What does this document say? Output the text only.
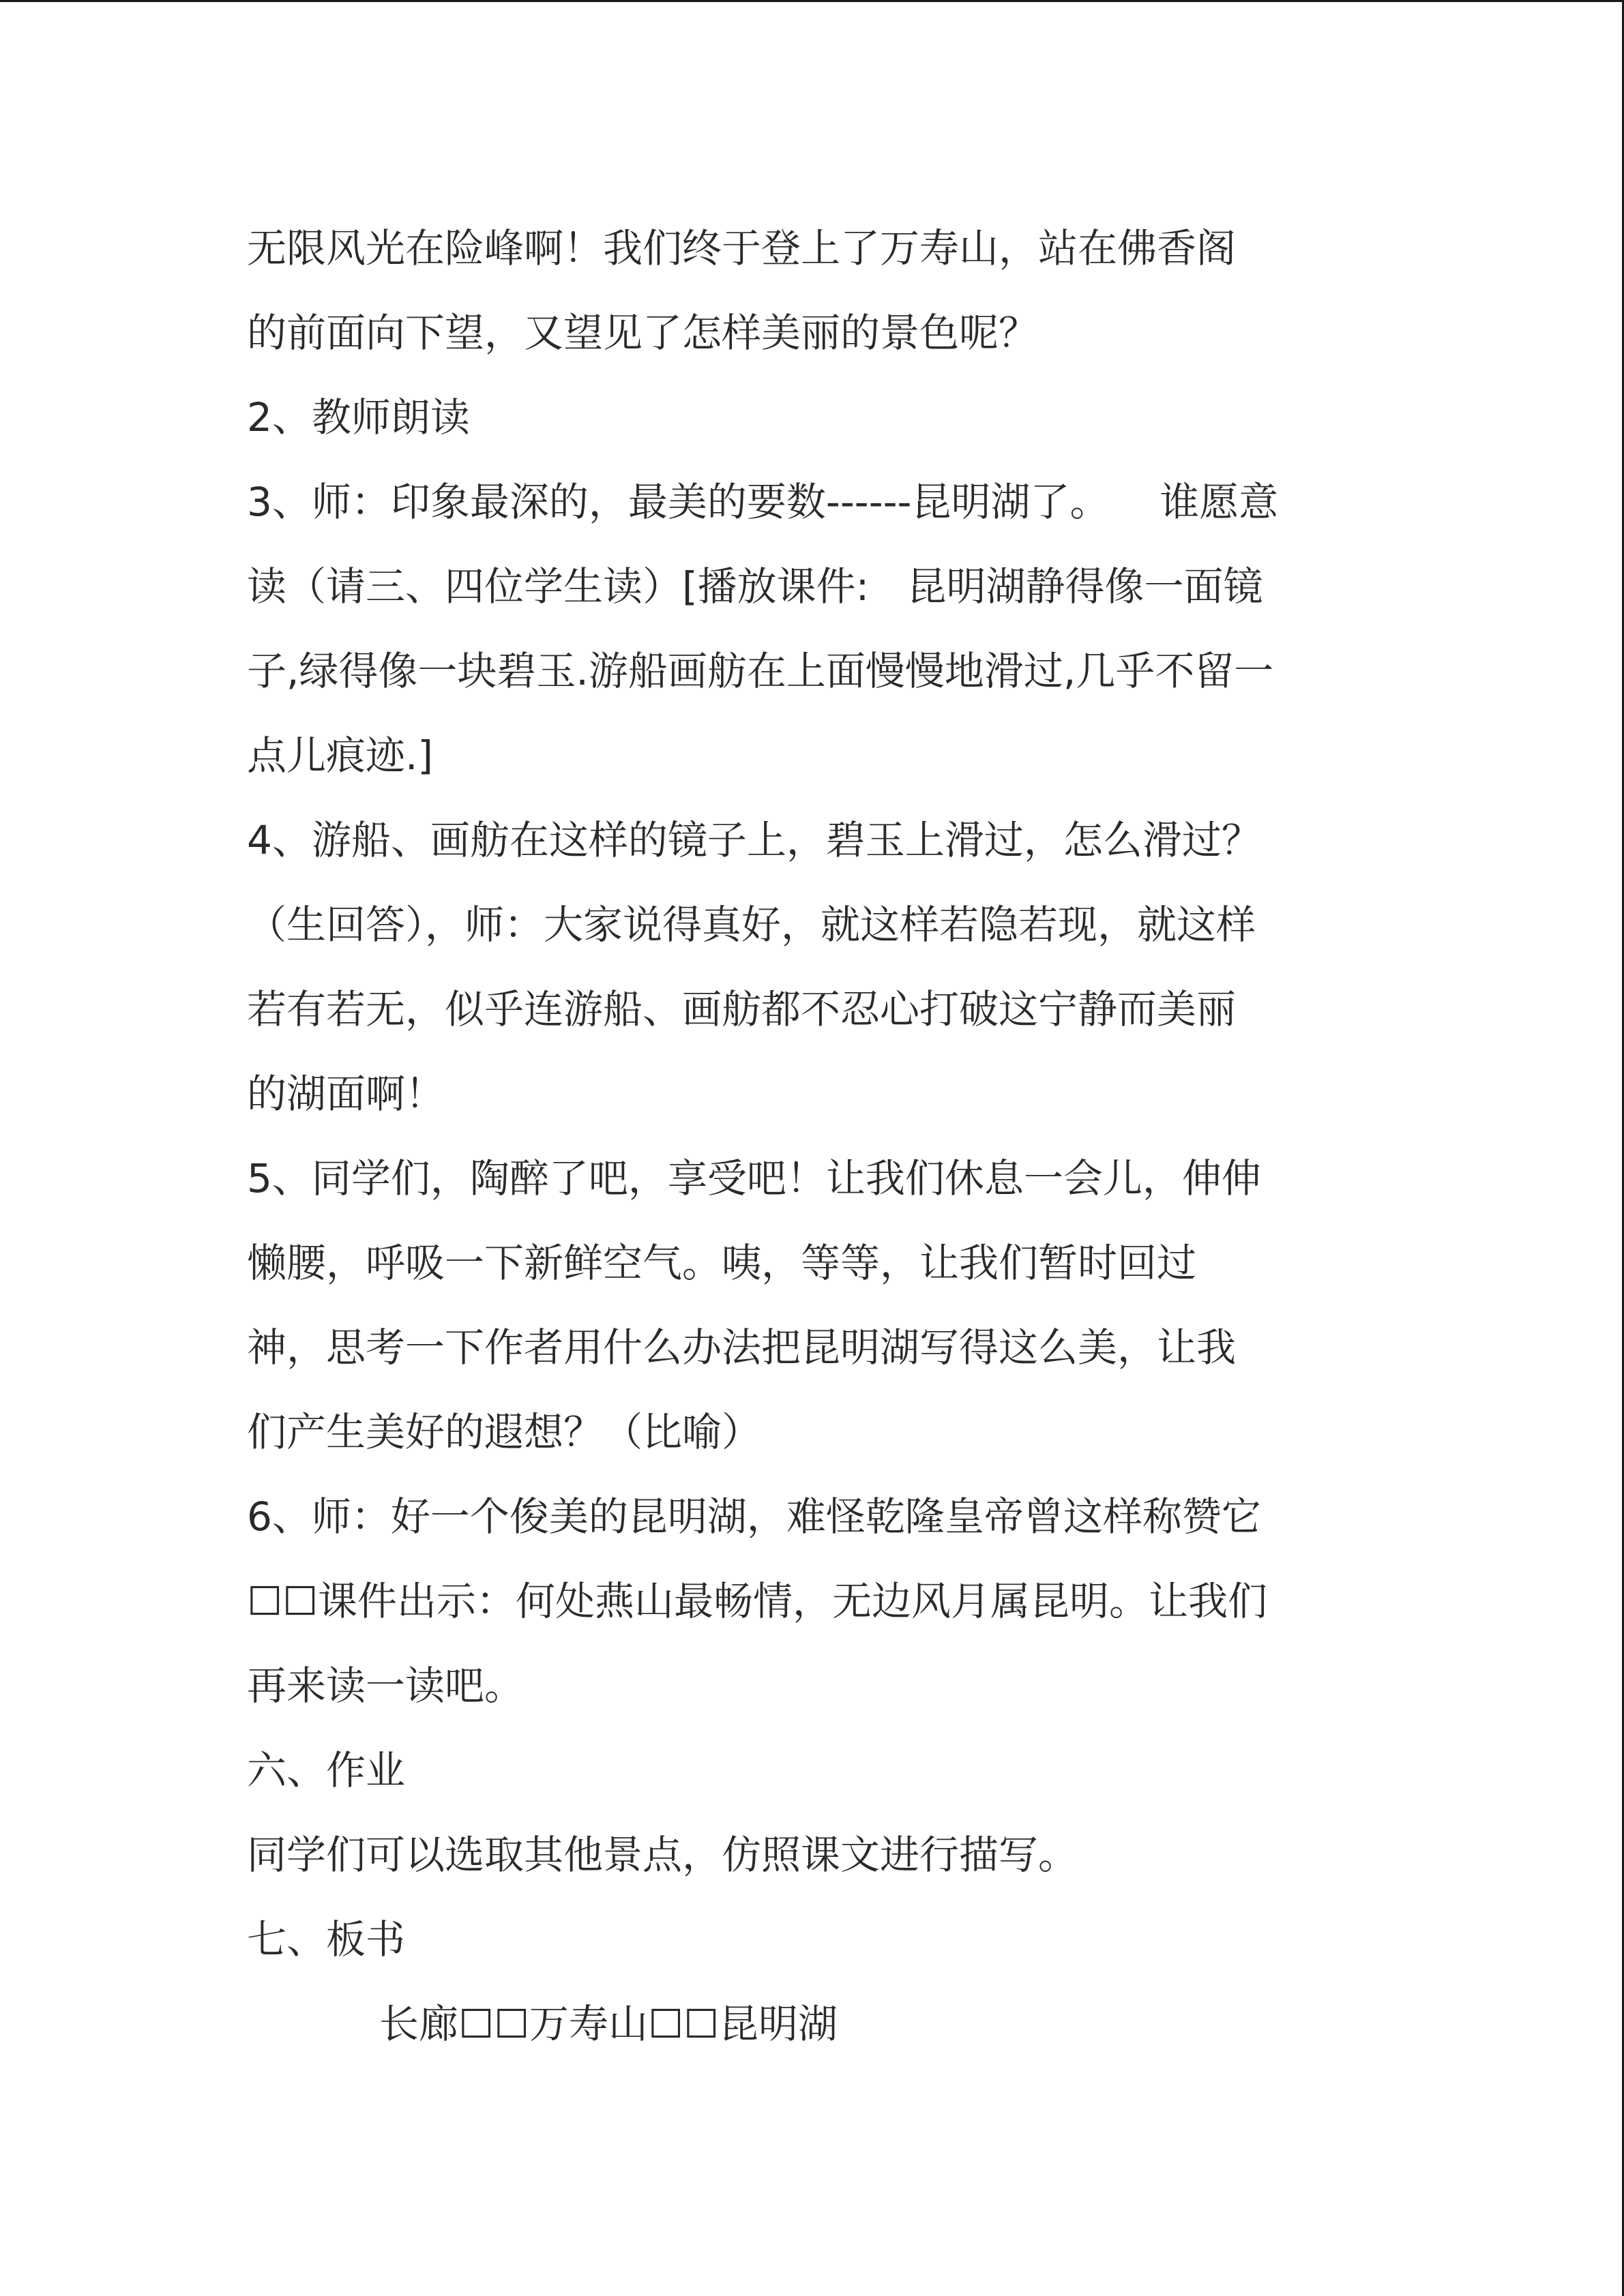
无限风光在险峰啊！我们终于登上了万寿山，站在佛香阁
的前面向下望，又望见了怎样美丽的景色呢？
2、教师朗读
3、师：印象最深的，最美的要数------昆明湖了。    谁愿意
读（请三、四位学生读）[播放课件:   昆明湖静得像一面镜
子,绿得像一块碧玉.游船画舫在上面慢慢地滑过,几乎不留一
点儿痕迹.]
4、游船、画舫在这样的镜子上，碧玉上滑过，怎么滑过？
（生回答），师：大家说得真好，就这样若隐若现，就这样
若有若无，似乎连游船、画舫都不忍心打破这宁静而美丽
的湖面啊！
5、同学们，陶醉了吧，享受吧！让我们休息一会儿，伸伸
懒腰，呼吸一下新鲜空气。咦，等等，让我们暂时回过
神，思考一下作者用什么办法把昆明湖写得这么美，让我
们产生美好的遐想？（比喻）
6、师：好一个俊美的昆明湖，难怪乾隆皇帝曾这样称赞它
☐☐课件出示：何处燕山最畅情，无边风月属昆明。让我们
再来读一读吧。
六、作业
同学们可以选取其他景点，仿照课文进行描写。
七、板书
长廊☐☐万寿山☐☐昆明湖
